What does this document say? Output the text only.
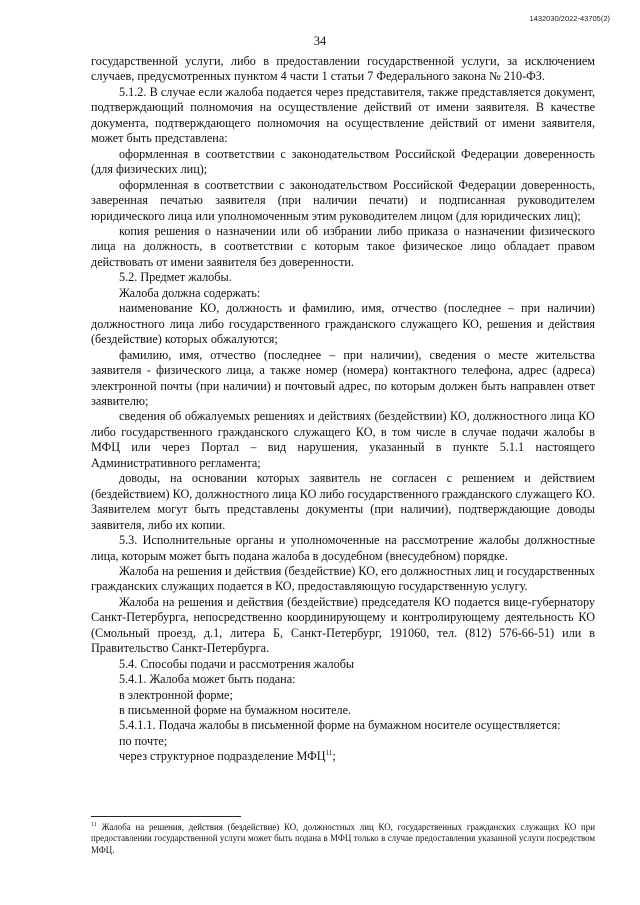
1432030/2022-43705(2)
34

государственной услуги, либо в предоставлении государственной услуги, за исключением случаев, предусмотренных пунктом 4 части 1 статьи 7 Федерального закона № 210-ФЗ.

5.1.2. В случае если жалоба подается через представителя, также представляется документ, подтверждающий полномочия на осуществление действий от имени заявителя. В качестве документа, подтверждающего полномочия на осуществление действий от имени заявителя, может быть представлена:

оформленная в соответствии с законодательством Российской Федерации доверенность (для физических лиц);

оформленная в соответствии с законодательством Российской Федерации доверенность, заверенная печатью заявителя (при наличии печати) и подписанная руководителем юридического лица или уполномоченным этим руководителем лицом (для юридических лиц);

копия решения о назначении или об избрании либо приказа о назначении физического лица на должность, в соответствии с которым такое физическое лицо обладает правом действовать от имени заявителя без доверенности.

5.2. Предмет жалобы.

Жалоба должна содержать:

наименование КО, должность и фамилию, имя, отчество (последнее – при наличии) должностного лица либо государственного гражданского служащего КО, решения и действия (бездействие) которых обжалуются;

фамилию, имя, отчество (последнее – при наличии), сведения о месте жительства заявителя - физического лица, а также номер (номера) контактного телефона, адрес (адреса) электронной почты (при наличии) и почтовый адрес, по которым должен быть направлен ответ заявителю;

сведения об обжалуемых решениях и действиях (бездействии) КО, должностного лица КО либо государственного гражданского служащего КО, в том числе в случае подачи жалобы в МФЦ или через Портал – вид нарушения, указанный в пункте 5.1.1 настоящего Административного регламента;

доводы, на основании которых заявитель не согласен с решением и действием (бездействием) КО, должностного лица КО либо государственного гражданского служащего КО. Заявителем могут быть представлены документы (при наличии), подтверждающие доводы заявителя, либо их копии.

5.3. Исполнительные органы и уполномоченные на рассмотрение жалобы должностные лица, которым может быть подана жалоба в досудебном (внесудебном) порядке.

Жалоба на решения и действия (бездействие) КО, его должностных лиц и государственных гражданских служащих подается в КО, предоставляющую государственную услугу.

Жалоба на решения и действия (бездействие) председателя КО подается вице-губернатору Санкт-Петербурга, непосредственно координирующему и контролирующему деятельность КО (Смольный проезд, д.1, литера Б, Санкт-Петербург, 191060, тел. (812) 576-66-51) или в Правительство Санкт-Петербурга.

5.4. Способы подачи и рассмотрения жалобы

5.4.1. Жалоба может быть подана:

в электронной форме;

в письменной форме на бумажном носителе.

5.4.1.1. Подача жалобы в письменной форме на бумажном носителе осуществляется:

по почте;

через структурное подразделение МФЦ$^{11}$;

$^{11}$ Жалоба на решения, действия (бездействие) КО, должностных лиц КО, государственных гражданских служащих КО при предоставлении государственной услуги может быть подана в МФЦ только в случае предоставления указанной услуги посредством МФЦ.
